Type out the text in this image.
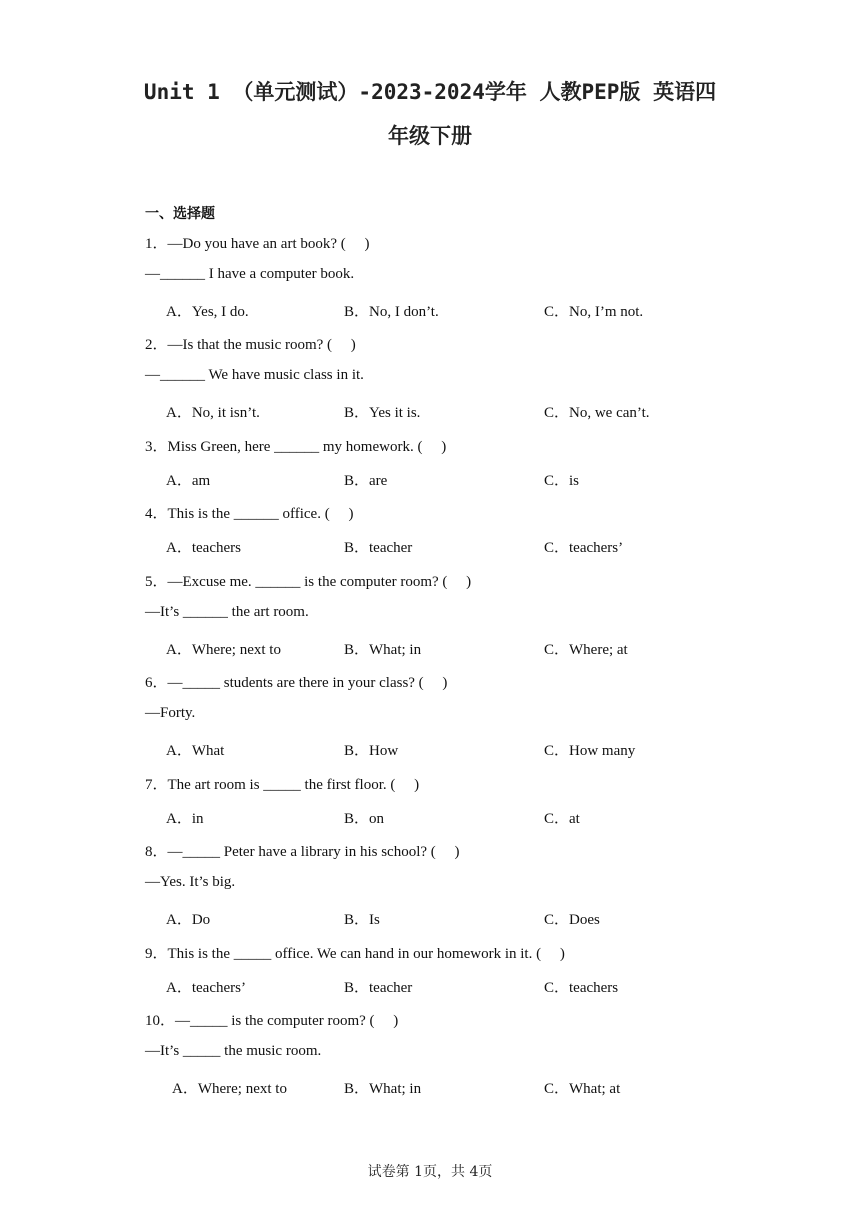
Unit 1 （单元测试）-2023-2024学年 人教PEP版 英语四
年级下册
一、选择题
1．—Do you have an art book? (     )
—______ I have a computer book.
A．Yes, I do.	B．No, I don’t.	C．No, I’m not.
2．—Is that the music room? (     )
—______ We have music class in it.
A．No, it isn’t.	B．Yes it is.	C．No, we can’t.
3．Miss Green, here ______ my homework. (     )
A．am	B．are	C．is
4．This is the ______ office. (     )
A．teachers	B．teacher	C．teachers’
5．—Excuse me. ______ is the computer room? (     )
—It’s ______ the art room.
A．Where; next to	B．What; in	C．Where; at
6．—_____ students are there in your class? (     )
—Forty.
A．What	B．How	C．How many
7．The art room is _____ the first floor. (     )
A．in	B．on	C．at
8．—_____ Peter have a library in his school? (     )
—Yes. It’s big.
A．Do	B．Is	C．Does
9．This is the _____ office. We can hand in our homework in it. (     )
A．teachers’	B．teacher	C．teachers
10．—_____ is the computer room? (     )
—It’s _____ the music room.
A．Where; next to	B．What; in	C．What; at
试卷第 1页，共 4页
